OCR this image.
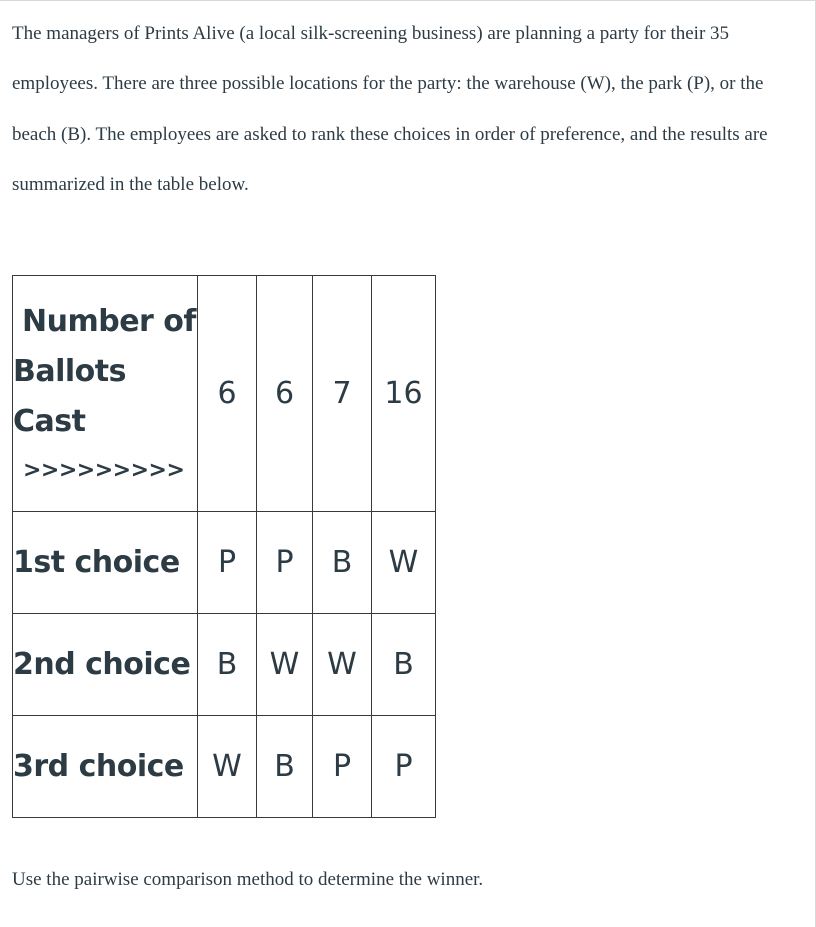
The managers of Prints Alive (a local silk-screening business) are planning a party for their 35 employees. There are three possible locations for the party: the warehouse (W), the park (P), or the beach (B). The employees are asked to rank these choices in order of preference, and the results are summarized in the table below.

Number of
Ballots
Cast
>>>>>>>>>	6	6	7	16
1st choice	P	P	B	W
2nd choice	B	W	W	B
3rd choice	W	B	P	P

Use the pairwise comparison method to determine the winner.
